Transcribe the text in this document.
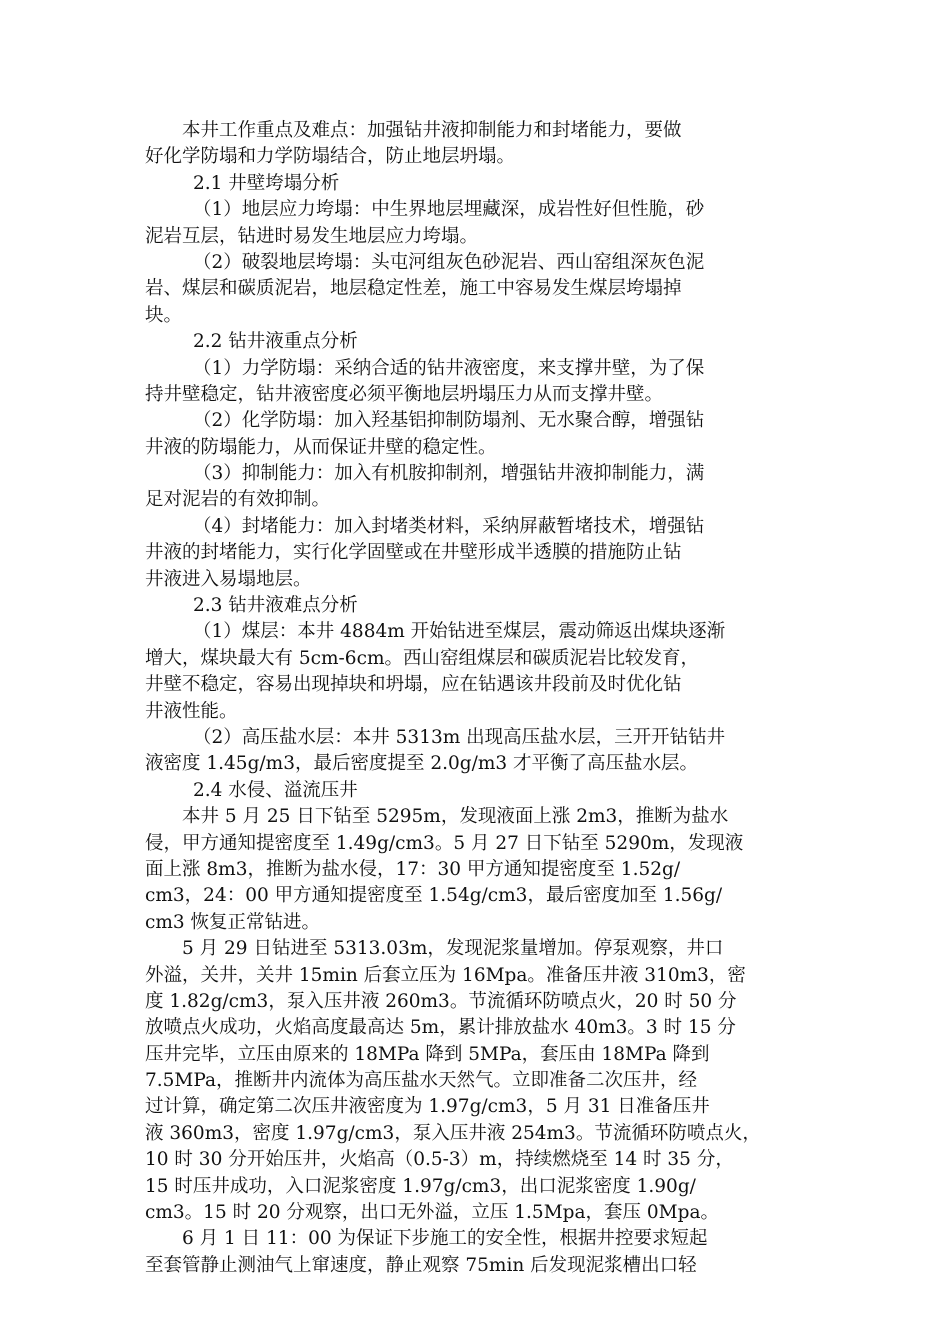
本井工作重点及难点：加强钻井液抑制能力和封堵能力，要做
好化学防塌和力学防塌结合，防止地层坍塌。
2.1 井壁垮塌分析
（1）地层应力垮塌：中生界地层埋藏深，成岩性好但性脆，砂
泥岩互层，钻进时易发生地层应力垮塌。
（2）破裂地层垮塌：头屯河组灰色砂泥岩、西山窑组深灰色泥
岩、煤层和碳质泥岩，地层稳定性差，施工中容易发生煤层垮塌掉
块。
2.2 钻井液重点分析
（1）力学防塌：采纳合适的钻井液密度，来支撑井壁，为了保
持井壁稳定，钻井液密度必须平衡地层坍塌压力从而支撑井壁。
（2）化学防塌：加入羟基铝抑制防塌剂、无水聚合醇，增强钻
井液的防塌能力，从而保证井壁的稳定性。
（3）抑制能力：加入有机胺抑制剂，增强钻井液抑制能力，满
足对泥岩的有效抑制。
（4）封堵能力：加入封堵类材料，采纳屏蔽暂堵技术，增强钻
井液的封堵能力，实行化学固壁或在井壁形成半透膜的措施防止钻
井液进入易塌地层。
2.3 钻井液难点分析
（1）煤层：本井 4884m 开始钻进至煤层，震动筛返出煤块逐渐
增大，煤块最大有 5cm-6cm。西山窑组煤层和碳质泥岩比较发育，
井壁不稳定，容易出现掉块和坍塌，应在钻遇该井段前及时优化钻
井液性能。
（2）高压盐水层：本井 5313m 出现高压盐水层，三开开钻钻井
液密度 1.45g/m3，最后密度提至 2.0g/m3 才平衡了高压盐水层。
2.4 水侵、溢流压井
本井 5 月 25 日下钻至 5295m，发现液面上涨 2m3，推断为盐水
侵，甲方通知提密度至 1.49g/cm3。5 月 27 日下钻至 5290m，发现液
面上涨 8m3，推断为盐水侵，17：30 甲方通知提密度至 1.52g/
cm3，24：00 甲方通知提密度至 1.54g/cm3，最后密度加至 1.56g/
cm3 恢复正常钻进。
5 月 29 日钻进至 5313.03m，发现泥浆量增加。停泵观察，井口
外溢，关井，关井 15min 后套立压为 16Mpa。准备压井液 310m3，密
度 1.82g/cm3，泵入压井液 260m3。节流循环防喷点火，20 时 50 分
放喷点火成功，火焰高度最高达 5m，累计排放盐水 40m3。3 时 15 分
压井完毕，立压由原来的 18MPa 降到 5MPa，套压由 18MPa 降到
7.5MPa，推断井内流体为高压盐水天然气。立即准备二次压井，经
过计算，确定第二次压井液密度为 1.97g/cm3，5 月 31 日准备压井
液 360m3，密度 1.97g/cm3，泵入压井液 254m3。节流循环防喷点火，
10 时 30 分开始压井，火焰高（0.5-3）m，持续燃烧至 14 时 35 分，
15 时压井成功，入口泥浆密度 1.97g/cm3，出口泥浆密度 1.90g/
cm3。15 时 20 分观察，出口无外溢，立压 1.5Mpa，套压 0Mpa。
6 月 1 日 11：00 为保证下步施工的安全性，根据井控要求短起
至套管静止测油气上窜速度，静止观察 75min 后发现泥浆槽出口轻
